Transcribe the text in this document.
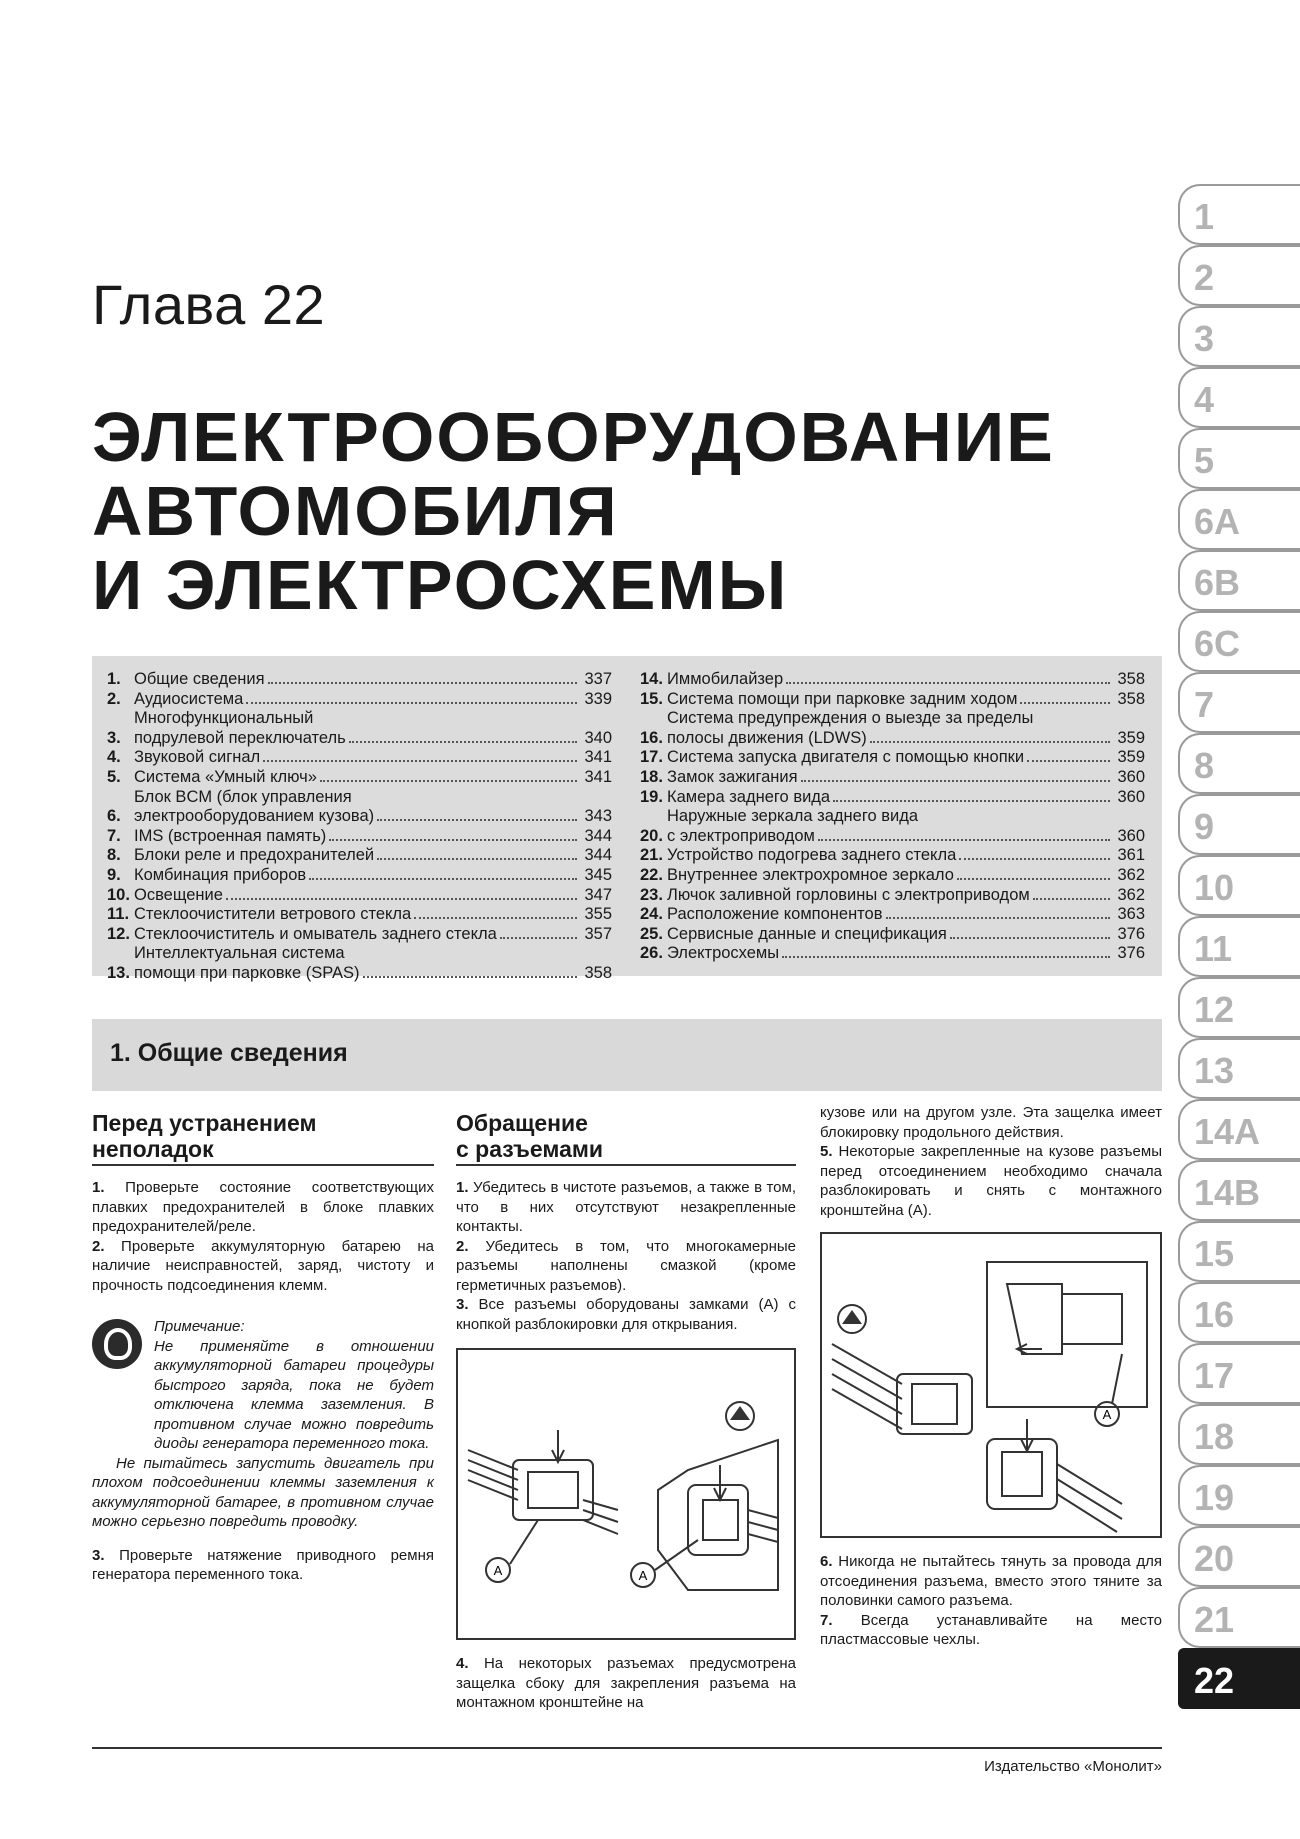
Глава 22
ЭЛЕКТРООБОРУДОВАНИЕ
АВТОМОБИЛЯ
И ЭЛЕКТРОСХЕМЫ
1. Общие сведения	337
2. Аудиосистема	339
3.
Многофункциональный
подрулевой переключатель	340
4. Звуковой сигнал	341
5. Система «Умный ключ»	341
6.
Блок BCM (блок управления
электрооборудованием кузова)	343
7. IMS (встроенная память)	344
8. Блоки реле и предохранителей	344
9. Комбинация приборов	345
10. Освещение	347
11. Стеклоочистители ветрового стекла	355
12. Стеклоочиститель и омыватель заднего стекла	357
13.
Интеллектуальная система
помощи при парковке (SPAS)	358
14. Иммобилайзер	358
15. Система помощи при парковке задним ходом	358
16.
Система предупреждения о выезде за пределы
полосы движения (LDWS)	359
17. Система запуска двигателя с помощью кнопки	359
18. Замок зажигания	360
19. Камера заднего вида	360
20.
Наружные зеркала заднего вида
с электроприводом	360
21. Устройство подогрева заднего стекла	361
22. Внутреннее электрохромное зеркало	362
23. Лючок заливной горловины с электроприводом	362
24. Расположение компонентов	363
25. Сервисные данные и спецификация	376
26. Электросхемы	376
1. Общие сведения
Перед устранением
неполадок

1. Проверьте состояние соответствующих плавких предохранителей в блоке плавких предохранителей/реле.

2. Проверьте аккумуляторную батарею на наличие неисправностей, заряд, чистоту и прочность подсоединения клемм.

Примечание:
Не применяйте в отношении аккумуляторной батареи процедуры быстрого заряда, пока не будет отключена клемма заземления. В противном случае можно повредить диоды генератора переменного тока.
Не пытайтесь запустить двигатель при плохом подсоединении клеммы заземления к аккумуляторной батарее, в противном случае можно серьезно повредить проводку.

3. Проверьте натяжение приводного ремня генератора переменного тока.

Обращение
с разъемами

1. Убедитесь в чистоте разъемов, а также в том, что в них отсутствуют незакрепленные контакты.

2. Убедитесь в том, что многокамерные разъемы наполнены смазкой (кроме герметичных разъемов).

3. Все разъемы оборудованы замками (А) с кнопкой разблокировки для открывания.

A	A

4. На некоторых разъемах предусмотрена защелка сбоку для закрепления разъема на монтажном кронштейне на

кузове или на другом узле. Эта защелка имеет блокировку продольного действия.

5. Некоторые закрепленные на кузове разъемы перед отсоединением необходимо сначала разблокировать и снять с монтажного кронштейна (А).

A

6. Никогда не пытайтесь тянуть за провода для отсоединения разъема, вместо этого тяните за половинки самого разъема.

7. Всегда устанавливайте на место пластмассовые чехлы.

1
2
3
4
5
6A
6B
6C
7
8
9
10
11
12
13
14A
14B
15
16
17
18
19
20
21
22
Издательство «Монолит»
